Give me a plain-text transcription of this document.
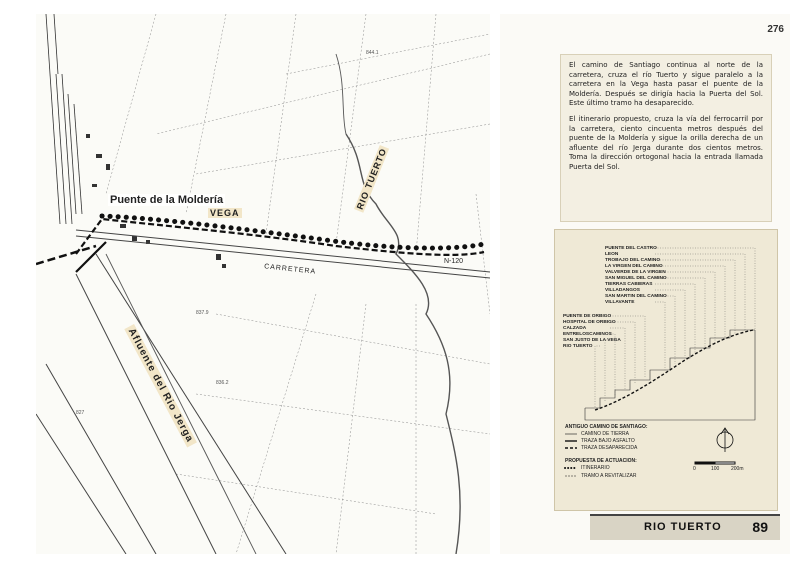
844.1
837.9
836.2
827
Puente de la Moldería
VEGA
RIO TUERTO
CARRETERA
N-120
Afluente del Rio Jerga
276

El camino de Santiago continua al norte de la carretera, cruza el río Tuerto y sigue paralelo a la carretera en la Vega hasta pasar el puente de la Moldería. Después se dirigía hacia la Puerta del Sol. Este último tramo ha desaparecido.

El itinerario propuesto, cruza la vía del ferrocarril por la carretera, ciento cincuenta metros después del puente de la Moldería y sigue la orilla derecha de un afluente del río Jerga durante dos cientos metros. Toma la dirección ortogonal hacia la entrada llamada Puerta del Sol.

PUENTE DEL CASTRO
LEON
TROBAJO DEL CAMINO
LA VIRGEN DEL CAMINO
VALVERDE DE LA VIRGEN
SAN MIGUEL DEL CAMINO
TIERRAS CABIERAS
VILLADANGOS
SAN MARTIN DEL CAMINO
VILLAVANTE
PUENTE DE ORBIGO
HOSPITAL DE ORBIGO
CALZADA
ENTRELOSCAMINOS
SAN JUSTO DE LA VEGA
RIO TUERTO
ANTIGUO CAMINO DE SANTIAGO:
CAMINO DE TIERRA
TRAZA BAJO ASFALTO
TRAZA DESAPARECIDA
PROPUESTA DE ACTUACION:
ITINERARIO
TRAMO A REVITALIZAR
0	100 200m
RIO TUERTO 89
